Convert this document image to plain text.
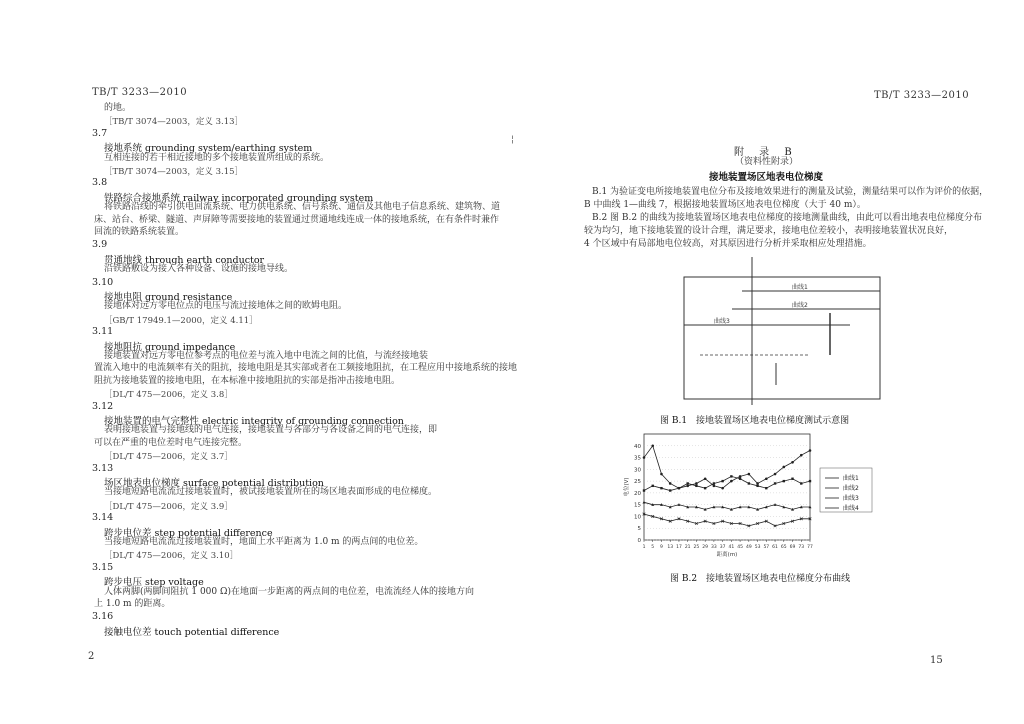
TB/T 3233—2010
的地。
［TB/T 3074—2003，定义 3.13］
3.7
接地系统 grounding system/earthing system
互相连接的若干相近接地的多个接地装置所组成的系统。
［TB/T 3074—2003，定义 3.15］
3.8
铁路综合接地系统 railway incorporated grounding system
将铁路沿线的牵引供电回流系统、电力供电系统、信号系统、通信及其他电子信息系统、建筑物、道
床、站台、桥梁、隧道、声屏障等需要接地的装置通过贯通地线连成一体的接地系统，在有条件时兼作
回流的铁路系统装置。
3.9
贯通地线 through earth conductor
沿铁路敷设为接入各种设备、设施的接地导线。
3.10
接地电阻 ground resistance
接地体对远方零电位点的电压与流过接地体之间的欧姆电阻。
［GB/T 17949.1—2000，定义 4.11］
3.11
接地阻抗 ground impedance
接地装置对远方零电位参考点的电位差与流入地中电流之间的比值，与流经接地装
置流入地中的电流频率有关的阻抗，接地电阻是其实部或者在工频接地阻抗，在工程应用中接地系统的接地
阻抗为接地装置的接地电阻，在本标准中接地阻抗的实部是指冲击接地电阻。
［DL/T 475—2006，定义 3.8］
3.12
接地装置的电气完整性 electric integrity of grounding connection
表明接地装置与接地线的电气连接，接地装置与各部分与各设备之间的电气连接，即
可以在严重的电位差时电气连接完整。
［DL/T 475—2006，定义 3.7］
3.13
场区地表电位梯度 surface potential distribution
当接地短路电流流过接地装置时，被试接地装置所在的场区地表面形成的电位梯度。
［DL/T 475—2006，定义 3.9］
3.14
跨步电位差 step potential difference
当接地短路电流流过接地装置时，地面上水平距离为 1.0 m 的两点间的电位差。
［DL/T 475—2006，定义 3.10］
3.15
跨步电压 step voltage
人体两脚(两脚间阻抗 1 000 Ω)在地面一步距离的两点间的电位差，电流流经人体的接地方向
上 1.0 m 的距离。
3.16
接触电位差 touch potential difference
2
¦
TB/T 3233—2010
附 录 B
（资料性附录）
接地装置场区地表电位梯度
B.1 为验证变电所接地装置电位分布及接地效果进行的测量及试验，测量结果可以作为评价的依据，
B 中曲线 1—曲线 7，根据接地装置场区地表电位梯度（大于 40 m）。
B.2 图 B.2 的曲线为接地装置场区地表电位梯度的接地测量曲线，由此可以看出地表电位梯度分布
较为均匀，地下接地装置的设计合理，满足要求，接地电位差较小，表明接地装置状况良好，
4 个区域中有局部地电位较高，对其原因进行分析并采取相应处理措施。
曲线1
曲线2
曲线3
图 B.1　接地装置场区地表电位梯度测试示意图
0
5
10
15
20
25
30
35
40
1 5 9 13 17 21 25 29 33 37 41 45 49 53 57 61 65 69 73 77
距离(m)
电位(V)	曲线1
曲线2
曲线3
曲线4
图 B.2　接地装置场区地表电位梯度分布曲线
15
